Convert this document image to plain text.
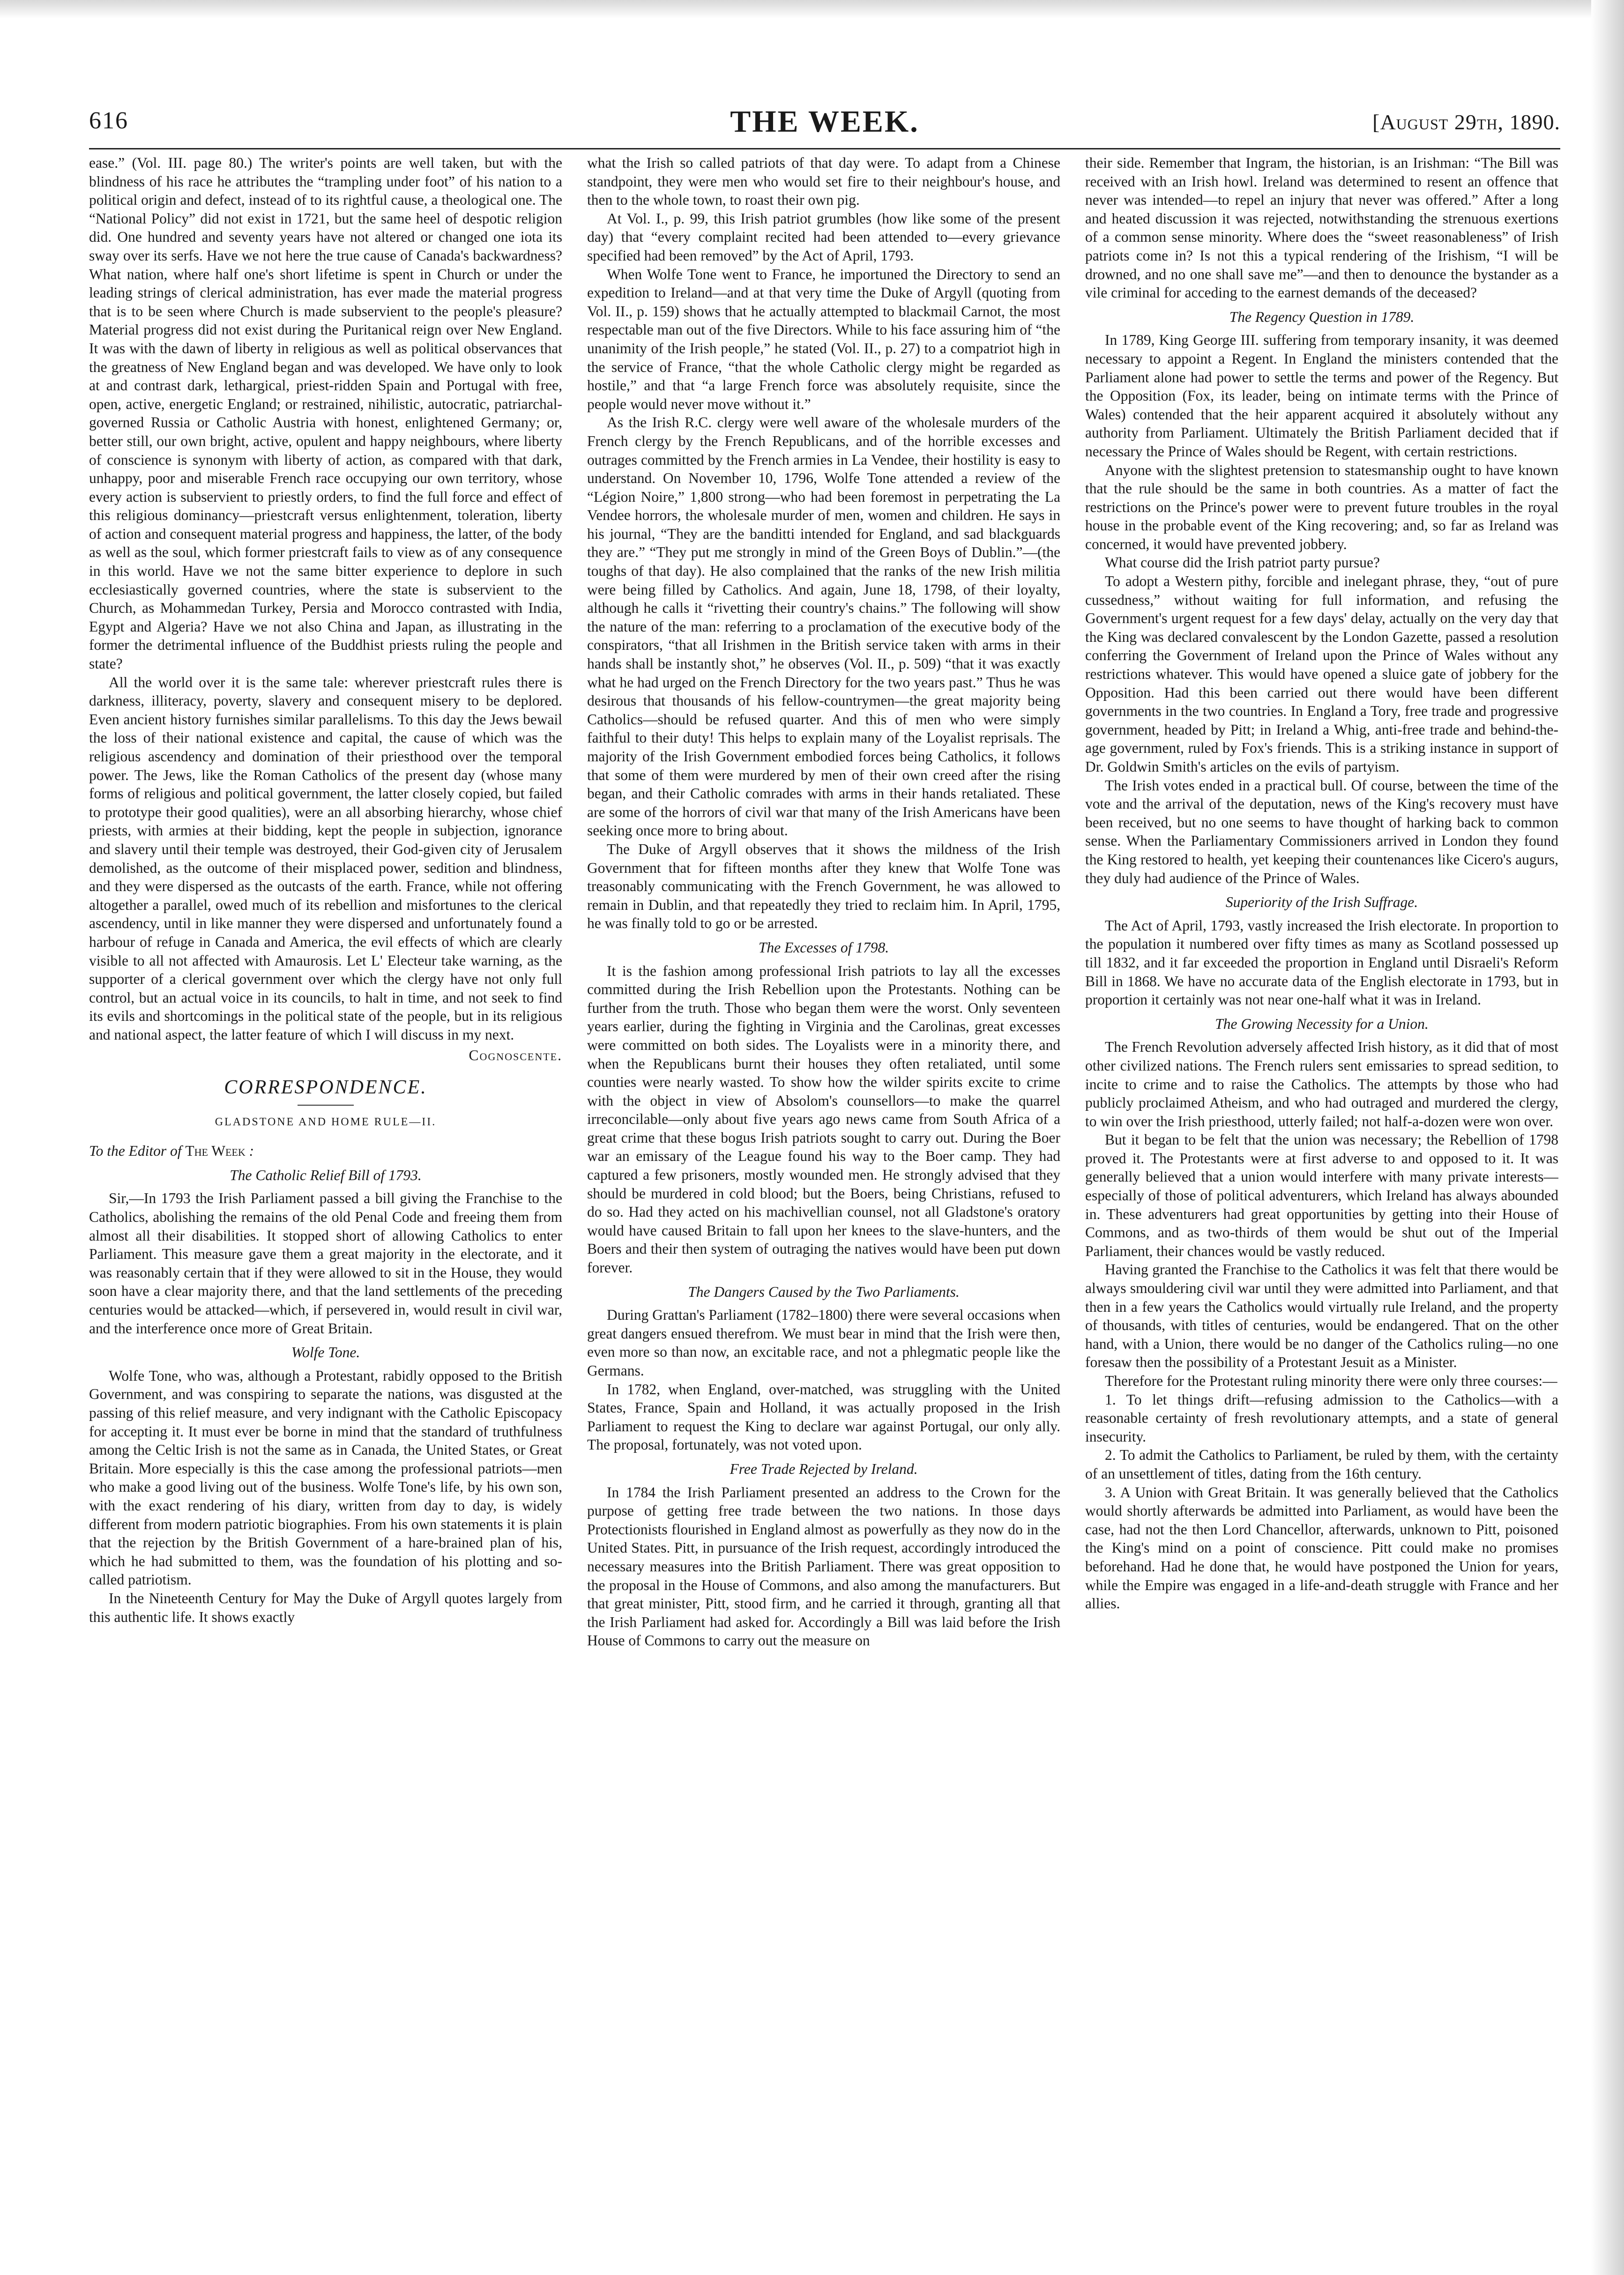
616	THE WEEK.	[August 29th, 1890.

ease.” (Vol. III. page 80.) The writer's points are well taken, but with the blindness of his race he attributes the “trampling under foot” of his nation to a political origin and defect, instead of to its rightful cause, a theological one. The “National Policy” did not exist in 1721, but the same heel of despotic religion did. One hundred and seventy years have not altered or changed one iota its sway over its serfs. Have we not here the true cause of Canada's backwardness? What nation, where half one's short lifetime is spent in Church or under the leading strings of clerical administration, has ever made the material progress that is to be seen where Church is made subservient to the people's pleasure? Material progress did not exist during the Puritanical reign over New England. It was with the dawn of liberty in religious as well as political observances that the greatness of New England began and was developed. We have only to look at and contrast dark, lethargical, priest-ridden Spain and Portugal with free, open, active, energetic England; or restrained, nihilistic, autocratic, patriarchal-governed Russia or Catholic Austria with honest, enlightened Germany; or, better still, our own bright, active, opulent and happy neighbours, where liberty of conscience is synonym with liberty of action, as compared with that dark, unhappy, poor and miserable French race occupying our own territory, whose every action is subservient to priestly orders, to find the full force and effect of this religious dominancy—priestcraft versus enlightenment, toleration, liberty of action and consequent material progress and happiness, the latter, of the body as well as the soul, which former priestcraft fails to view as of any consequence in this world. Have we not the same bitter experience to deplore in such ecclesiastically governed countries, where the state is subservient to the Church, as Mohammedan Turkey, Persia and Morocco contrasted with India, Egypt and Algeria? Have we not also China and Japan, as illustrating in the former the detrimental influence of the Buddhist priests ruling the people and state?

All the world over it is the same tale: wherever priestcraft rules there is darkness, illiteracy, poverty, slavery and consequent misery to be deplored. Even ancient history furnishes similar parallelisms. To this day the Jews bewail the loss of their national existence and capital, the cause of which was the religious ascendency and domination of their priesthood over the temporal power. The Jews, like the Roman Catholics of the present day (whose many forms of religious and political government, the latter closely copied, but failed to prototype their good qualities), were an all absorbing hierarchy, whose chief priests, with armies at their bidding, kept the people in subjection, ignorance and slavery until their temple was destroyed, their God-given city of Jerusalem demolished, as the outcome of their misplaced power, sedition and blindness, and they were dispersed as the outcasts of the earth. France, while not offering altogether a parallel, owed much of its rebellion and misfortunes to the clerical ascendency, until in like manner they were dispersed and unfortunately found a harbour of refuge in Canada and America, the evil effects of which are clearly visible to all not affected with Amaurosis. Let L' Electeur take warning, as the supporter of a clerical government over which the clergy have not only full control, but an actual voice in its councils, to halt in time, and not seek to find its evils and shortcomings in the political state of the people, but in its religious and national aspect, the latter feature of which I will discuss in my next.

Cognoscente.
CORRESPONDENCE.
GLADSTONE AND HOME RULE—II.

To the Editor of The Week :

The Catholic Relief Bill of 1793.

Sir,—In 1793 the Irish Parliament passed a bill giving the Franchise to the Catholics, abolishing the remains of the old Penal Code and freeing them from almost all their disabilities. It stopped short of allowing Catholics to enter Parliament. This measure gave them a great majority in the electorate, and it was reasonably certain that if they were allowed to sit in the House, they would soon have a clear majority there, and that the land settlements of the preceding centuries would be attacked—which, if persevered in, would result in civil war, and the interference once more of Great Britain.

Wolfe Tone.

Wolfe Tone, who was, although a Protestant, rabidly opposed to the British Government, and was conspiring to separate the nations, was disgusted at the passing of this relief measure, and very indignant with the Catholic Episcopacy for accepting it. It must ever be borne in mind that the standard of truthfulness among the Celtic Irish is not the same as in Canada, the United States, or Great Britain. More especially is this the case among the professional patriots—men who make a good living out of the business. Wolfe Tone's life, by his own son, with the exact rendering of his diary, written from day to day, is widely different from modern patriotic biographies. From his own statements it is plain that the rejection by the British Government of a hare-brained plan of his, which he had submitted to them, was the foundation of his plotting and so-called patriotism.

In the Nineteenth Century for May the Duke of Argyll quotes largely from this authentic life. It shows exactly

what the Irish so called patriots of that day were. To adapt from a Chinese standpoint, they were men who would set fire to their neighbour's house, and then to the whole town, to roast their own pig.

At Vol. I., p. 99, this Irish patriot grumbles (how like some of the present day) that “every complaint recited had been attended to—every grievance specified had been removed” by the Act of April, 1793.

When Wolfe Tone went to France, he importuned the Directory to send an expedition to Ireland—and at that very time the Duke of Argyll (quoting from Vol. II., p. 159) shows that he actually attempted to blackmail Carnot, the most respectable man out of the five Directors. While to his face assuring him of “the unanimity of the Irish people,” he stated (Vol. II., p. 27) to a compatriot high in the service of France, “that the whole Catholic clergy might be regarded as hostile,” and that “a large French force was absolutely requisite, since the people would never move without it.”

As the Irish R.C. clergy were well aware of the wholesale murders of the French clergy by the French Republicans, and of the horrible excesses and outrages committed by the French armies in La Vendee, their hostility is easy to understand. On November 10, 1796, Wolfe Tone attended a review of the “Légion Noire,” 1,800 strong—who had been foremost in perpetrating the La Vendee horrors, the wholesale murder of men, women and children. He says in his journal, “They are the banditti intended for England, and sad blackguards they are.” “They put me strongly in mind of the Green Boys of Dublin.”—(the toughs of that day). He also complained that the ranks of the new Irish militia were being filled by Catholics. And again, June 18, 1798, of their loyalty, although he calls it “rivetting their country's chains.” The following will show the nature of the man: referring to a proclamation of the executive body of the conspirators, “that all Irishmen in the British service taken with arms in their hands shall be instantly shot,” he observes (Vol. II., p. 509) “that it was exactly what he had urged on the French Directory for the two years past.” Thus he was desirous that thousands of his fellow-countrymen—the great majority being Catholics—should be refused quarter. And this of men who were simply faithful to their duty! This helps to explain many of the Loyalist reprisals. The majority of the Irish Government embodied forces being Catholics, it follows that some of them were murdered by men of their own creed after the rising began, and their Catholic comrades with arms in their hands retaliated. These are some of the horrors of civil war that many of the Irish Americans have been seeking once more to bring about.

The Duke of Argyll observes that it shows the mildness of the Irish Government that for fifteen months after they knew that Wolfe Tone was treasonably communicating with the French Government, he was allowed to remain in Dublin, and that repeatedly they tried to reclaim him. In April, 1795, he was finally told to go or be arrested.

The Excesses of 1798.

It is the fashion among professional Irish patriots to lay all the excesses committed during the Irish Rebellion upon the Protestants. Nothing can be further from the truth. Those who began them were the worst. Only seventeen years earlier, during the fighting in Virginia and the Carolinas, great excesses were committed on both sides. The Loyalists were in a minority there, and when the Republicans burnt their houses they often retaliated, until some counties were nearly wasted. To show how the wilder spirits excite to crime with the object in view of Absolom's counsellors—to make the quarrel irreconcilable—only about five years ago news came from South Africa of a great crime that these bogus Irish patriots sought to carry out. During the Boer war an emissary of the League found his way to the Boer camp. They had captured a few prisoners, mostly wounded men. He strongly advised that they should be murdered in cold blood; but the Boers, being Christians, refused to do so. Had they acted on his machivellian counsel, not all Gladstone's oratory would have caused Britain to fall upon her knees to the slave-hunters, and the Boers and their then system of outraging the natives would have been put down forever.

The Dangers Caused by the Two Parliaments.

During Grattan's Parliament (1782–1800) there were several occasions when great dangers ensued therefrom. We must bear in mind that the Irish were then, even more so than now, an excitable race, and not a phlegmatic people like the Germans.

In 1782, when England, over-matched, was struggling with the United States, France, Spain and Holland, it was actually proposed in the Irish Parliament to request the King to declare war against Portugal, our only ally. The proposal, fortunately, was not voted upon.

Free Trade Rejected by Ireland.

In 1784 the Irish Parliament presented an address to the Crown for the purpose of getting free trade between the two nations. In those days Protectionists flourished in England almost as powerfully as they now do in the United States. Pitt, in pursuance of the Irish request, accordingly introduced the necessary measures into the British Parliament. There was great opposition to the proposal in the House of Commons, and also among the manufacturers. But that great minister, Pitt, stood firm, and he carried it through, granting all that the Irish Parliament had asked for. Accordingly a Bill was laid before the Irish House of Commons to carry out the measure on

their side. Remember that Ingram, the historian, is an Irishman: “The Bill was received with an Irish howl. Ireland was determined to resent an offence that never was intended—to repel an injury that never was offered.” After a long and heated discussion it was rejected, notwithstanding the strenuous exertions of a common sense minority. Where does the “sweet reasonableness” of Irish patriots come in? Is not this a typical rendering of the Irishism, “I will be drowned, and no one shall save me”—and then to denounce the bystander as a vile criminal for acceding to the earnest demands of the deceased?

The Regency Question in 1789.

In 1789, King George III. suffering from temporary insanity, it was deemed necessary to appoint a Regent. In England the ministers contended that the Parliament alone had power to settle the terms and power of the Regency. But the Opposition (Fox, its leader, being on intimate terms with the Prince of Wales) contended that the heir apparent acquired it absolutely without any authority from Parliament. Ultimately the British Parliament decided that if necessary the Prince of Wales should be Regent, with certain restrictions.

Anyone with the slightest pretension to statesmanship ought to have known that the rule should be the same in both countries. As a matter of fact the restrictions on the Prince's power were to prevent future troubles in the royal house in the probable event of the King recovering; and, so far as Ireland was concerned, it would have prevented jobbery.

What course did the Irish patriot party pursue?

To adopt a Western pithy, forcible and inelegant phrase, they, “out of pure cussedness,” without waiting for full information, and refusing the Government's urgent request for a few days' delay, actually on the very day that the King was declared convalescent by the London Gazette, passed a resolution conferring the Government of Ireland upon the Prince of Wales without any restrictions whatever. This would have opened a sluice gate of jobbery for the Opposition. Had this been carried out there would have been different governments in the two countries. In England a Tory, free trade and progressive government, headed by Pitt; in Ireland a Whig, anti-free trade and behind-the-age government, ruled by Fox's friends. This is a striking instance in support of Dr. Goldwin Smith's articles on the evils of partyism.

The Irish votes ended in a practical bull. Of course, between the time of the vote and the arrival of the deputation, news of the King's recovery must have been received, but no one seems to have thought of harking back to common sense. When the Parliamentary Commissioners arrived in London they found the King restored to health, yet keeping their countenances like Cicero's augurs, they duly had audience of the Prince of Wales.

Superiority of the Irish Suffrage.

The Act of April, 1793, vastly increased the Irish electorate. In proportion to the population it numbered over fifty times as many as Scotland possessed up till 1832, and it far exceeded the proportion in England until Disraeli's Reform Bill in 1868. We have no accurate data of the English electorate in 1793, but in proportion it certainly was not near one-half what it was in Ireland.

The Growing Necessity for a Union.

The French Revolution adversely affected Irish history, as it did that of most other civilized nations. The French rulers sent emissaries to spread sedition, to incite to crime and to raise the Catholics. The attempts by those who had publicly proclaimed Atheism, and who had outraged and murdered the clergy, to win over the Irish priesthood, utterly failed; not half-a-dozen were won over.

But it began to be felt that the union was necessary; the Rebellion of 1798 proved it. The Protestants were at first adverse to and opposed to it. It was generally believed that a union would interfere with many private interests—especially of those of political adventurers, which Ireland has always abounded in. These adventurers had great opportunities by getting into their House of Commons, and as two-thirds of them would be shut out of the Imperial Parliament, their chances would be vastly reduced.

Having granted the Franchise to the Catholics it was felt that there would be always smouldering civil war until they were admitted into Parliament, and that then in a few years the Catholics would virtually rule Ireland, and the property of thousands, with titles of centuries, would be endangered. That on the other hand, with a Union, there would be no danger of the Catholics ruling—no one foresaw then the possibility of a Protestant Jesuit as a Minister.

Therefore for the Protestant ruling minority there were only three courses:—

1. To let things drift—refusing admission to the Catholics—with a reasonable certainty of fresh revolutionary attempts, and a state of general insecurity.

2. To admit the Catholics to Parliament, be ruled by them, with the certainty of an unsettlement of titles, dating from the 16th century.

3. A Union with Great Britain. It was generally believed that the Catholics would shortly afterwards be admitted into Parliament, as would have been the case, had not the then Lord Chancellor, afterwards, unknown to Pitt, poisoned the King's mind on a point of conscience. Pitt could make no promises beforehand. Had he done that, he would have postponed the Union for years, while the Empire was engaged in a life-and-death struggle with France and her allies.
